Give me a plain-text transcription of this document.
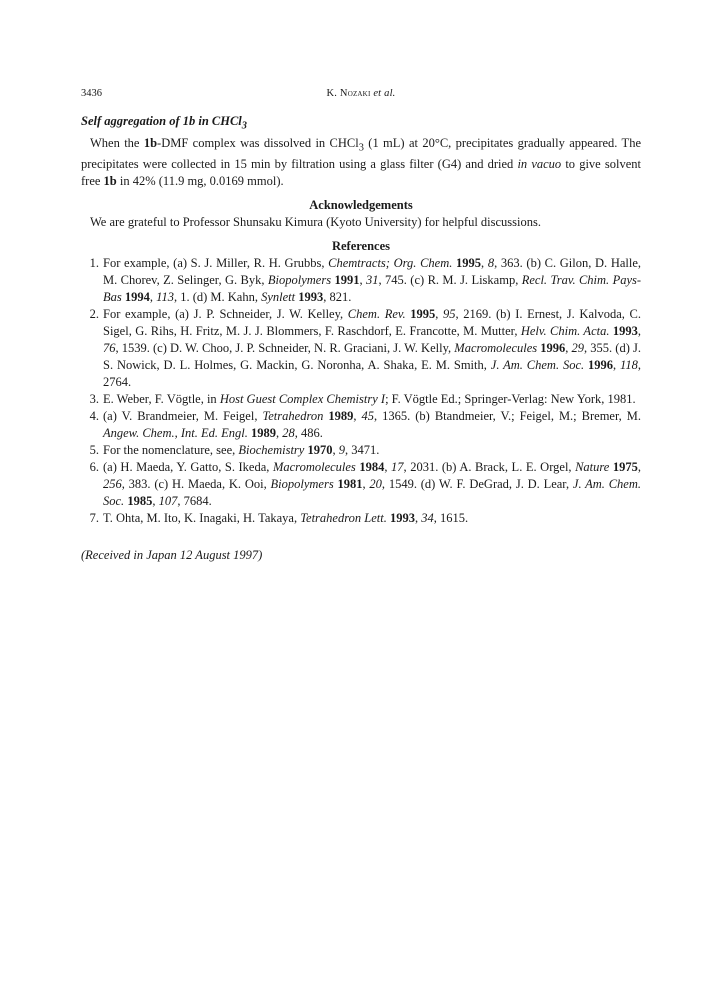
3436	K. Nozaki et al.
Self aggregation of 1b in CHCl$_3$

When the 1b-DMF complex was dissolved in CHCl$_3$ (1 mL) at 20°C, precipitates gradually appeared. The precipitates were collected in 15 min by filtration using a glass filter (G4) and dried in vacuo to give solvent free 1b in 42% (11.9 mg, 0.0169 mmol).

Acknowledgements

We are grateful to Professor Shunsaku Kimura (Kyoto University) for helpful discussions.

References
1. For example, (a) S. J. Miller, R. H. Grubbs, Chemtracts; Org. Chem. 1995, 8, 363. (b) C. Gilon, D. Halle, M. Chorev, Z. Selinger, G. Byk, Biopolymers 1991, 31, 745. (c) R. M. J. Liskamp, Recl. Trav. Chim. Pays-Bas 1994, 113, 1. (d) M. Kahn, Synlett 1993, 821.
2. For example, (a) J. P. Schneider, J. W. Kelley, Chem. Rev. 1995, 95, 2169. (b) I. Ernest, J. Kalvoda, C. Sigel, G. Rihs, H. Fritz, M. J. J. Blommers, F. Raschdorf, E. Francotte, M. Mutter, Helv. Chim. Acta. 1993, 76, 1539. (c) D. W. Choo, J. P. Schneider, N. R. Graciani, J. W. Kelly, Macromolecules 1996, 29, 355. (d) J. S. Nowick, D. L. Holmes, G. Mackin, G. Noronha, A. Shaka, E. M. Smith, J. Am. Chem. Soc. 1996, 118, 2764.
3. E. Weber, F. Vögtle, in Host Guest Complex Chemistry I; F. Vögtle Ed.; Springer-Verlag: New York, 1981.
4. (a) V. Brandmeier, M. Feigel, Tetrahedron 1989, 45, 1365. (b) Btandmeier, V.; Feigel, M.; Bremer, M. Angew. Chem., Int. Ed. Engl. 1989, 28, 486.
5. For the nomenclature, see, Biochemistry 1970, 9, 3471.
6. (a) H. Maeda, Y. Gatto, S. Ikeda, Macromolecules 1984, 17, 2031. (b) A. Brack, L. E. Orgel, Nature 1975, 256, 383. (c) H. Maeda, K. Ooi, Biopolymers 1981, 20, 1549. (d) W. F. DeGrad, J. D. Lear, J. Am. Chem. Soc. 1985, 107, 7684.
7. T. Ohta, M. Ito, K. Inagaki, H. Takaya, Tetrahedron Lett. 1993, 34, 1615.
(Received in Japan 12 August 1997)
